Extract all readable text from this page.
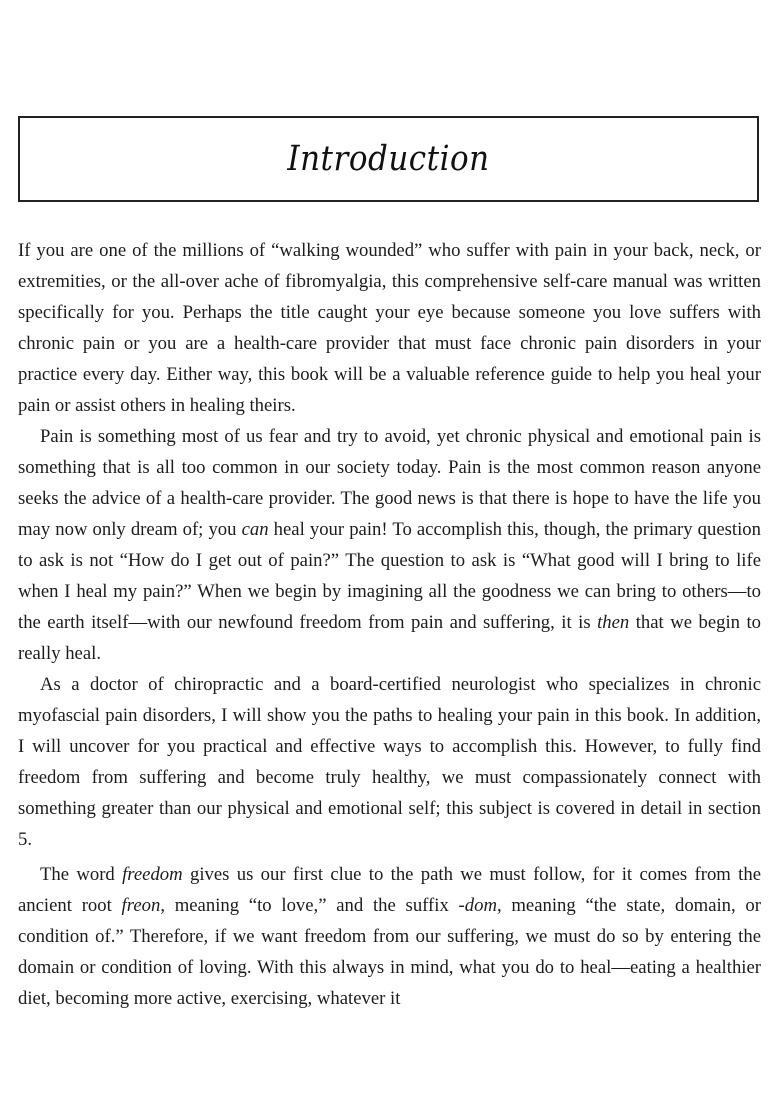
Introduction

If you are one of the millions of “walking wounded” who suffer with pain in your back, neck, or extremities, or the all-over ache of fibromyalgia, this comprehensive self-care manual was written specifically for you. Perhaps the title caught your eye because someone you love suffers with chronic pain or you are a health-care provider that must face chronic pain disorders in your practice every day. Either way, this book will be a valuable reference guide to help you heal your pain or assist others in healing theirs.

Pain is something most of us fear and try to avoid, yet chronic physical and emotional pain is something that is all too common in our society today. Pain is the most common reason anyone seeks the advice of a health-care provider. The good news is that there is hope to have the life you may now only dream of; you can heal your pain! To accomplish this, though, the primary question to ask is not “How do I get out of pain?” The question to ask is “What good will I bring to life when I heal my pain?” When we begin by imagining all the goodness we can bring to others—to the earth itself—with our newfound freedom from pain and suffering, it is then that we begin to really heal.

As a doctor of chiropractic and a board-certified neurologist who specializes in chronic myofascial pain disorders, I will show you the paths to healing your pain in this book. In addition, I will uncover for you practical and effective ways to accomplish this. However, to fully find freedom from suffering and become truly healthy, we must compassionately connect with something greater than our physical and emotional self; this subject is covered in detail in section 5.

The word freedom gives us our first clue to the path we must follow, for it comes from the ancient root freon, meaning “to love,” and the suffix -dom, meaning “the state, domain, or condition of.” Therefore, if we want freedom from our suffering, we must do so by entering the domain or condition of loving. With this always in mind, what you do to heal—eating a healthier diet, becoming more active, exercising, whatever it
